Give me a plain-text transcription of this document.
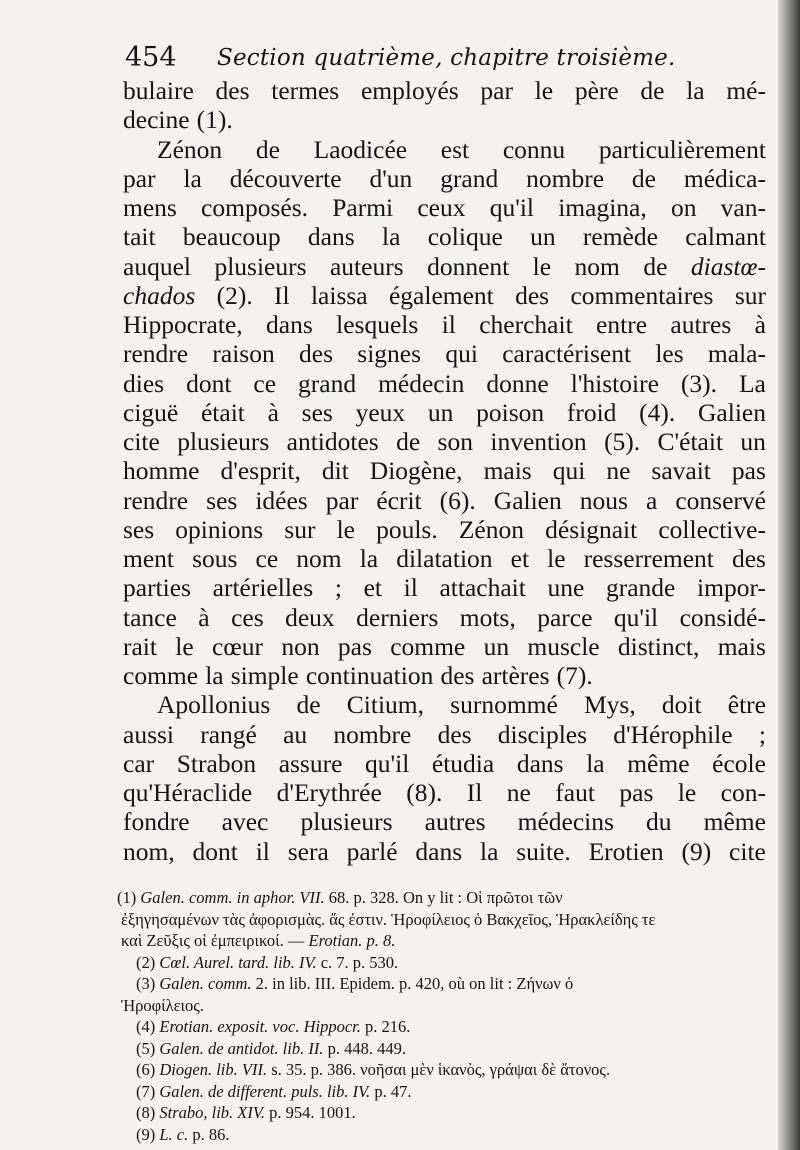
454 Section quatrième, chapitre troisième.
bulaire des termes employés par le père de la mé-
decine (1).
Zénon de Laodicée est connu particulièrement
par la découverte d'un grand nombre de médica-
mens composés. Parmi ceux qu'il imagina, on van-
tait beaucoup dans la colique un remède calmant
auquel plusieurs auteurs donnent le nom de diastœ-
chados (2). Il laissa également des commentaires sur
Hippocrate, dans lesquels il cherchait entre autres à
rendre raison des signes qui caractérisent les mala-
dies dont ce grand médecin donne l'histoire (3). La
ciguë était à ses yeux un poison froid (4). Galien
cite plusieurs antidotes de son invention (5). C'était un
homme d'esprit, dit Diogène, mais qui ne savait pas
rendre ses idées par écrit (6). Galien nous a conservé
ses opinions sur le pouls. Zénon désignait collective-
ment sous ce nom la dilatation et le resserrement des
parties artérielles ; et il attachait une grande impor-
tance à ces deux derniers mots, parce qu'il considé-
rait le cœur non pas comme un muscle distinct, mais
comme la simple continuation des artères (7).
Apollonius de Citium, surnommé Mys, doit être
aussi rangé au nombre des disciples d'Hérophile ;
car Strabon assure qu'il étudia dans la même école
qu'Héraclide d'Erythrée (8). Il ne faut pas le con-
fondre avec plusieurs autres médecins du même
nom, dont il sera parlé dans la suite. Erotien (9) cite
(1) Galen. comm. in aphor. VII. 68. p. 328. On y lit : Οἱ πρῶτοι τῶν
ἐξηγησαμένων τὰς ἀφορισμὰς. ἄς ἐστιν. Ἡροφίλειος ὁ Βακχεῖος, Ἡρακλείδης τε
καὶ Ζεῦξις οἱ ἐμπειρικοί. — Erotian. p. 8.
(2) Cœl. Aurel. tard. lib. IV. c. 7. p. 530.
(3) Galen. comm. 2. in lib. III. Epidem. p. 420, où on lit : Ζήνων ὁ
Ἡροφίλειος.
(4) Erotian. exposit. voc. Hippocr. p. 216.
(5) Galen. de antidot. lib. II. p. 448. 449.
(6) Diogen. lib. VII. s. 35. p. 386. νοῆσαι μὲν ἱκανὸς, γράψαι δὲ ἄτονος.
(7) Galen. de different. puls. lib. IV. p. 47.
(8) Strabo, lib. XIV. p. 954. 1001.
(9) L. c. p. 86.
